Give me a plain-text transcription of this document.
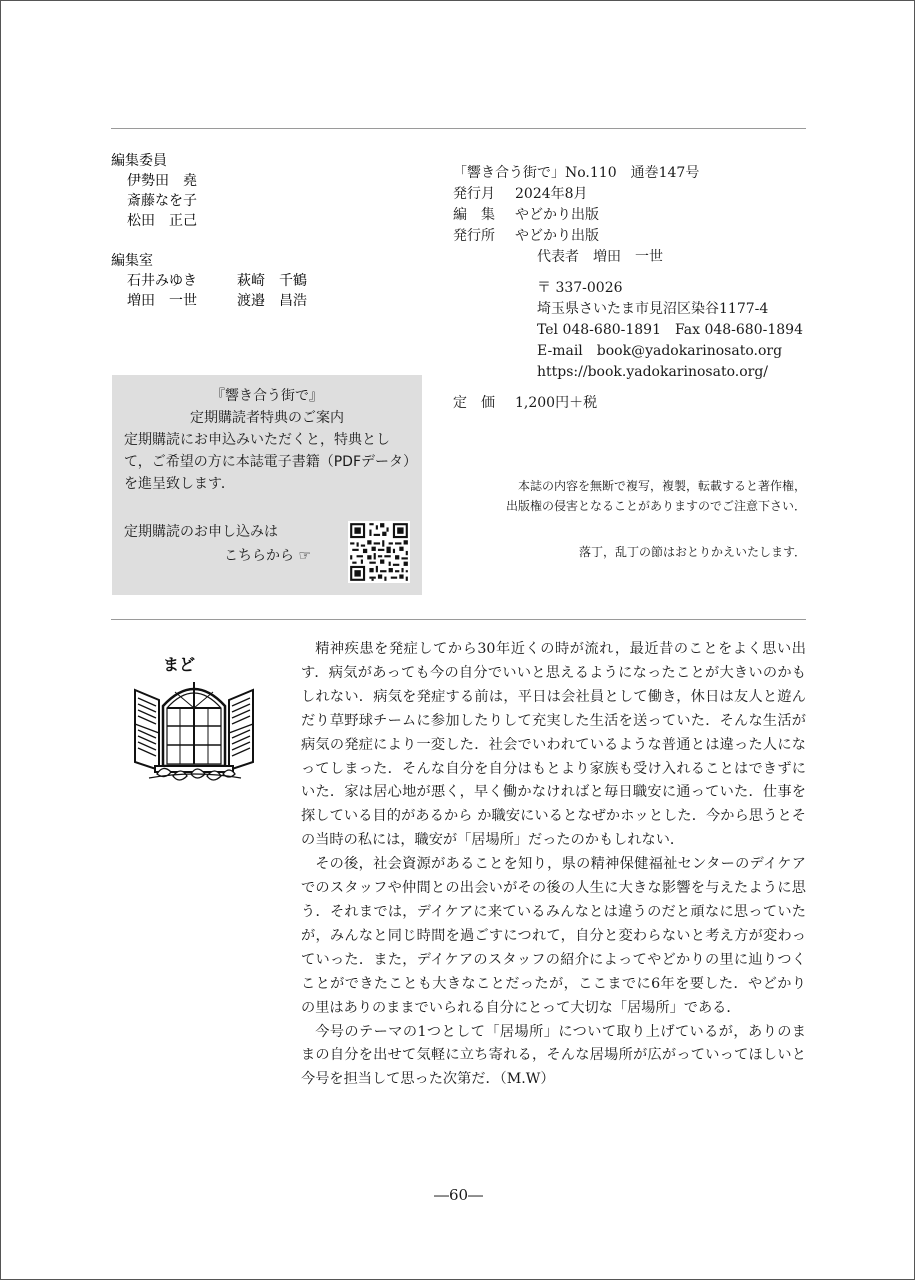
編集委員
伊勢田　堯
斎藤なを子
松田　正己
編集室
石井みゆき	萩崎　千鶴
増田　一世	渡邉　昌浩
「響き合う街で」No.110　通巻147号
発行月	2024年8月
編　集	やどかり出版
発行所	やどかり出版
代表者　増田　一世
〒 337-0026
埼玉県さいたま市見沼区染谷1177-4
Tel 048-680-1891　Fax 048-680-1894
E-mail　book@yadokarinosato.org
https://book.yadokarinosato.org/
定　価	1,200円＋税
本誌の内容を無断で複写，複製，転載すると著作権，
出版権の侵害となることがありますのでご注意下さい．
落丁，乱丁の節はおとりかえいたします．
『響き合う街で』
定期購読者特典のご案内
定期購読にお申込みいただくと，特典として，ご希望の方に本誌電子書籍（PDFデータ）を進呈致します．
定期購読のお申し込みは
こちらから ☞
まど

精神疾患を発症してから30年近くの時が流れ，最近昔のことをよく思い出す．病気があっても今の自分でいいと思えるようになったことが大きいのかもしれない．病気を発症する前は，平日は会社員として働き，休日は友人と遊んだり草野球チームに参加したりして充実した生活を送っていた．そんな生活が病気の発症により一変した．社会でいわれているような普通とは違った人になってしまった．そんな自分を自分はもとより家族も受け入れることはできずにいた．家は居心地が悪く，早く働かなければと毎日職安に通っていた．仕事を探している目的があるから か職安にいるとなぜかホッとした．今から思うとその当時の私には，職安が「居場所」だったのかもしれない．

その後，社会資源があることを知り，県の精神保健福祉センターのデイケアでのスタッフや仲間との出会いがその後の人生に大きな影響を与えたように思う．それまでは，デイケアに来ているみんなとは違うのだと頑なに思っていたが，みんなと同じ時間を過ごすにつれて，自分と変わらないと考え方が変わっていった．また，デイケアのスタッフの紹介によってやどかりの里に辿りつくことができたことも大きなことだったが，ここまでに6年を要した．やどかりの里はありのままでいられる自分にとって大切な「居場所」である．

今号のテーマの1つとして「居場所」について取り上げているが，ありのままの自分を出せて気軽に立ち寄れる，そんな居場所が広がっていってほしいと今号を担当して思った次第だ．（M.W）

―60―
